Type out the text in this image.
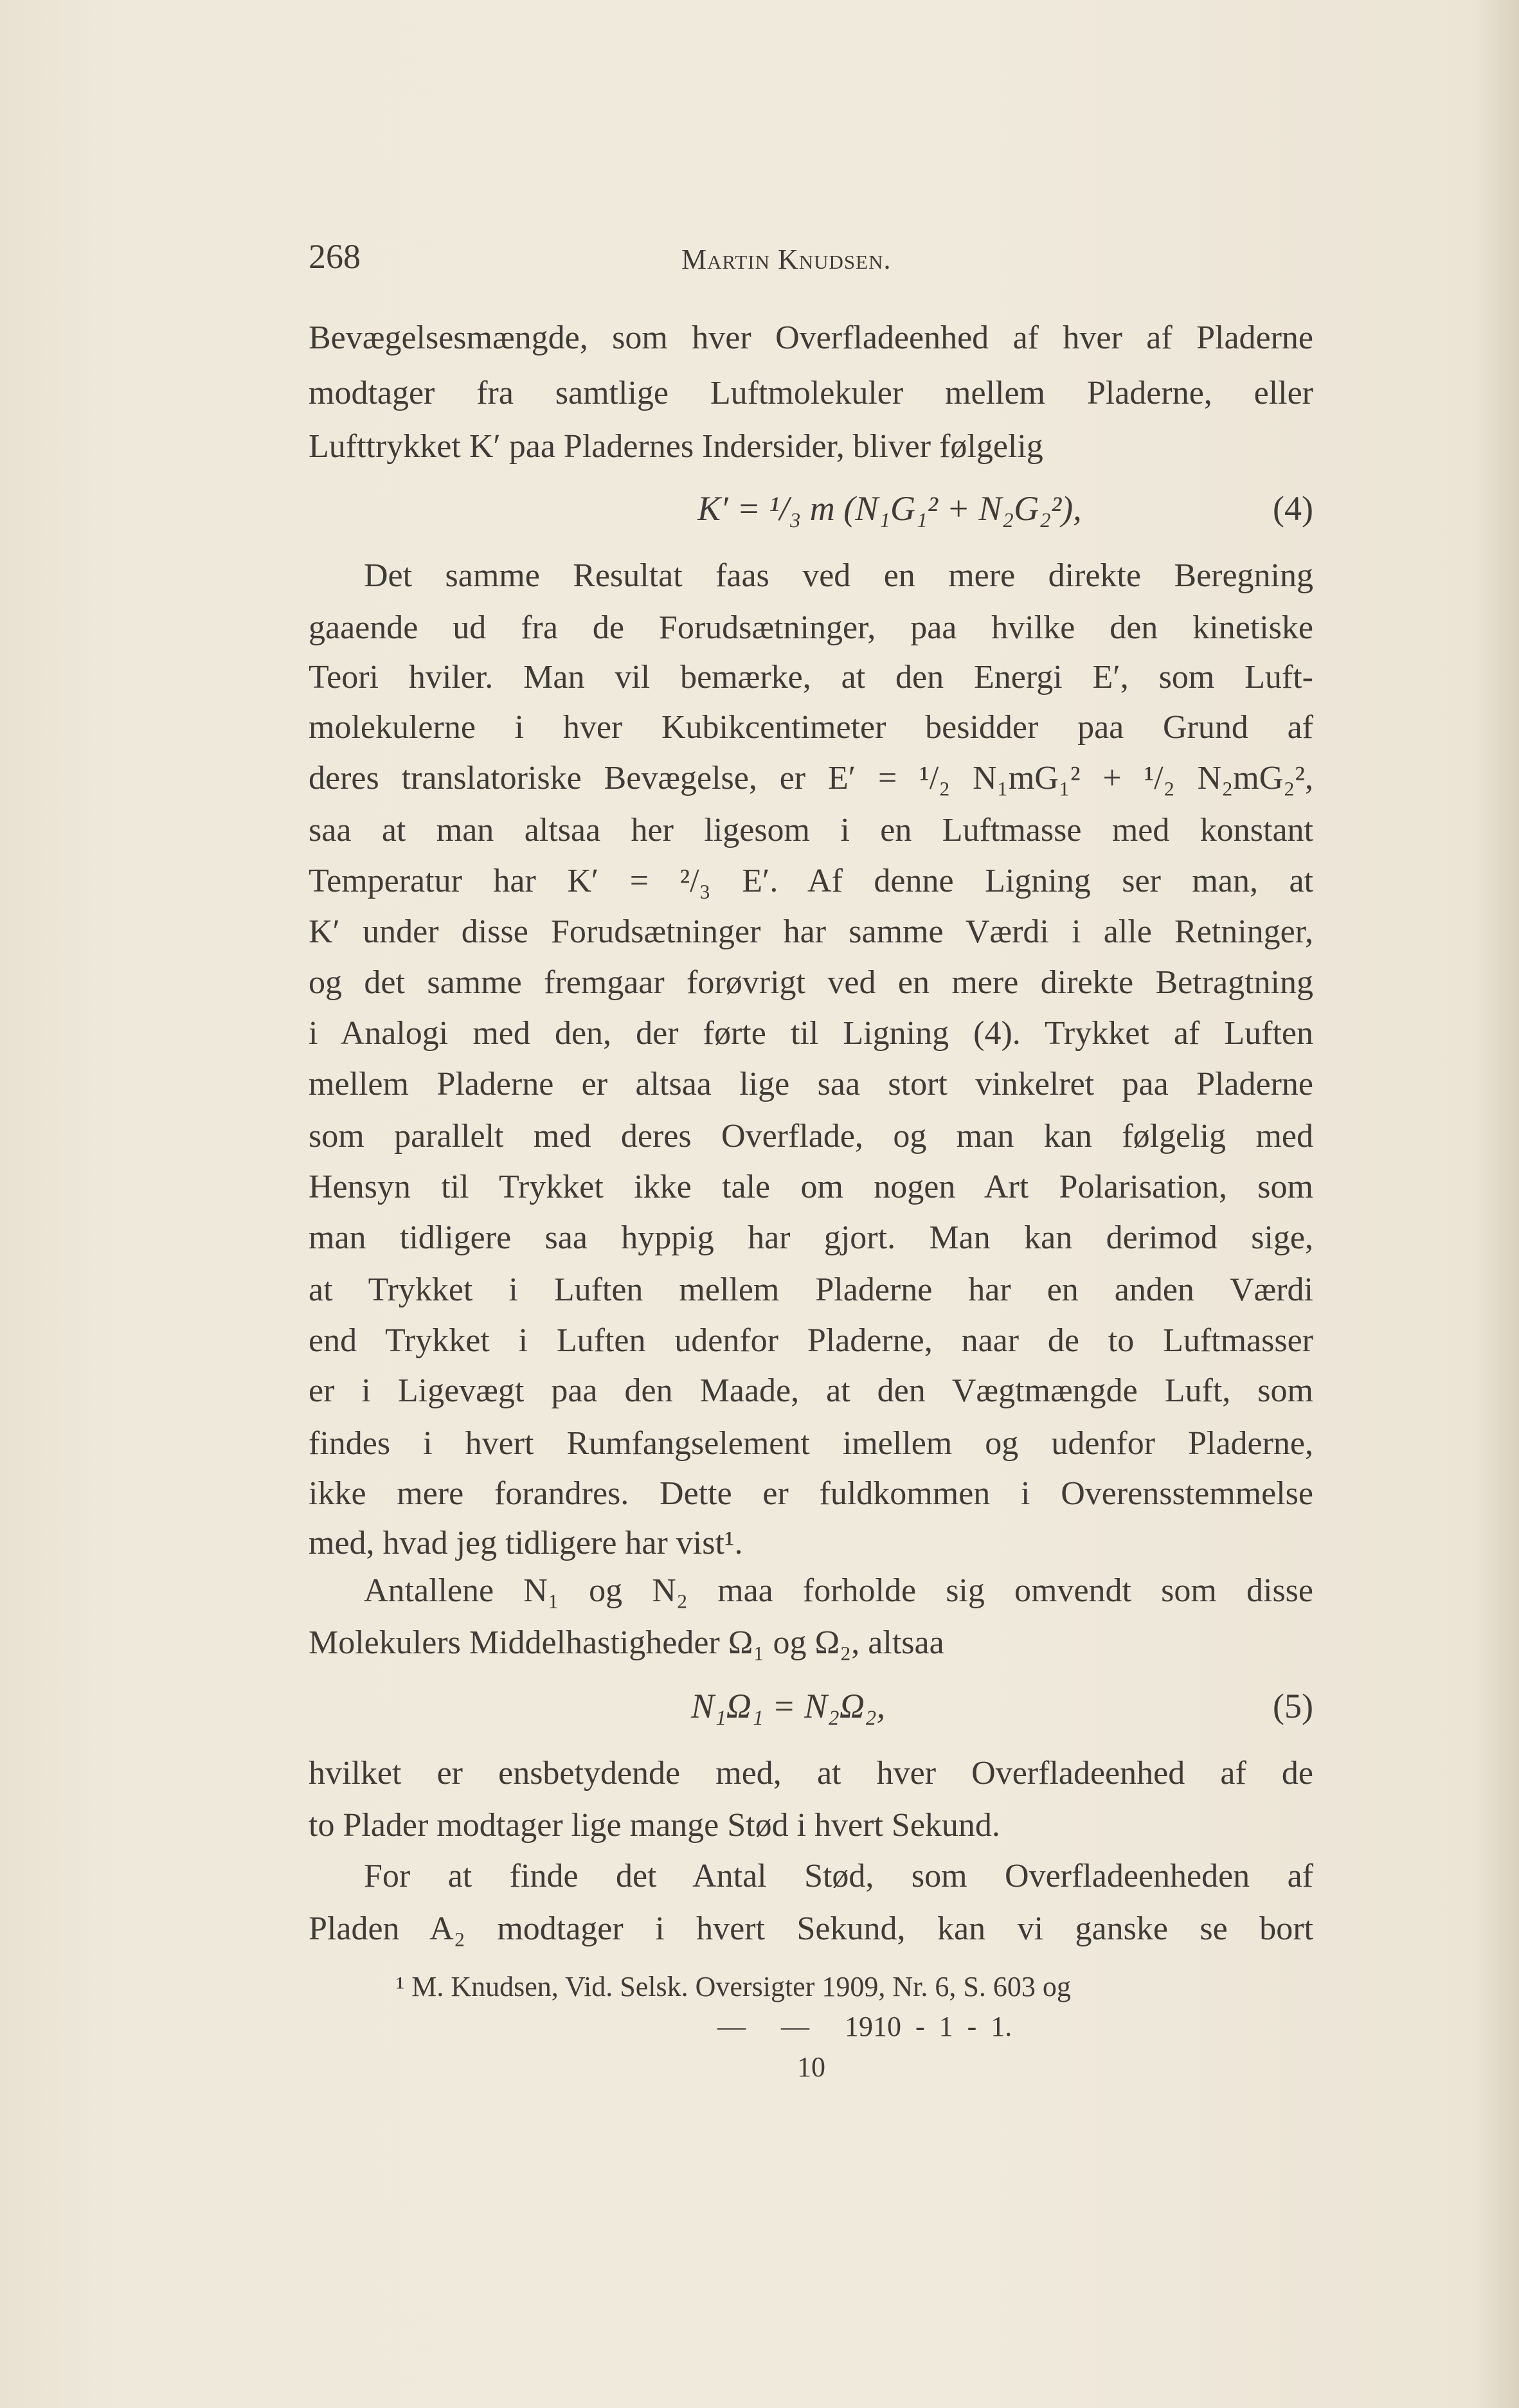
268	Martin Knudsen.
Bevægelsesmængde, som hver Overfladeenhed af hver af Pladerne
modtager fra samtlige Luftmolekuler mellem Pladerne, eller
Lufttrykket K′ paa Pladernes Indersider, bliver følgelig
Det samme Resultat faas ved en mere direkte Beregning
gaaende ud fra de Forudsætninger, paa hvilke den kinetiske
Teori hviler. Man vil bemærke, at den Energi E′, som Luft-
molekulerne i hver Kubikcentimeter besidder paa Grund af
deres translatoriske Bevægelse, er E′ = ¹/₂ N₁mG₁² + ¹/₂ N₂mG₂²,
saa at man altsaa her ligesom i en Luftmasse med konstant
Temperatur har K′ = ²/₃ E′. Af denne Ligning ser man, at
K′ under disse Forudsætninger har samme Værdi i alle Retninger,
og det samme fremgaar forøvrigt ved en mere direkte Betragtning
i Analogi med den, der førte til Ligning (4). Trykket af Luften
mellem Pladerne er altsaa lige saa stort vinkelret paa Pladerne
som parallelt med deres Overflade, og man kan følgelig med
Hensyn til Trykket ikke tale om nogen Art Polarisation, som
man tidligere saa hyppig har gjort. Man kan derimod sige,
at Trykket i Luften mellem Pladerne har en anden Værdi
end Trykket i Luften udenfor Pladerne, naar de to Luftmasser
er i Ligevægt paa den Maade, at den Vægtmængde Luft, som
findes i hvert Rumfangselement imellem og udenfor Pladerne,
ikke mere forandres. Dette er fuldkommen i Overensstemmelse
med, hvad jeg tidligere har vist¹.
Antallene N₁ og N₂ maa forholde sig omvendt som disse
Molekulers Middelhastigheder Ω₁ og Ω₂, altsaa
hvilket er ensbetydende med, at hver Overfladeenhed af de
to Plader modtager lige mange Stød i hvert Sekund.
For at finde det Antal Stød, som Overfladeenheden af
Pladen A₂ modtager i hvert Sekund, kan vi ganske se bort
K′ = ¹/₃ m (N₁G₁² + N₂G₂²),	(4)
N₁Ω₁ = N₂Ω₂,	(5)
¹ M. Knudsen, Vid. Selsk. Oversigter 1909, Nr. 6, S. 603 og
—     —     1910  -  1  -  1.
10
